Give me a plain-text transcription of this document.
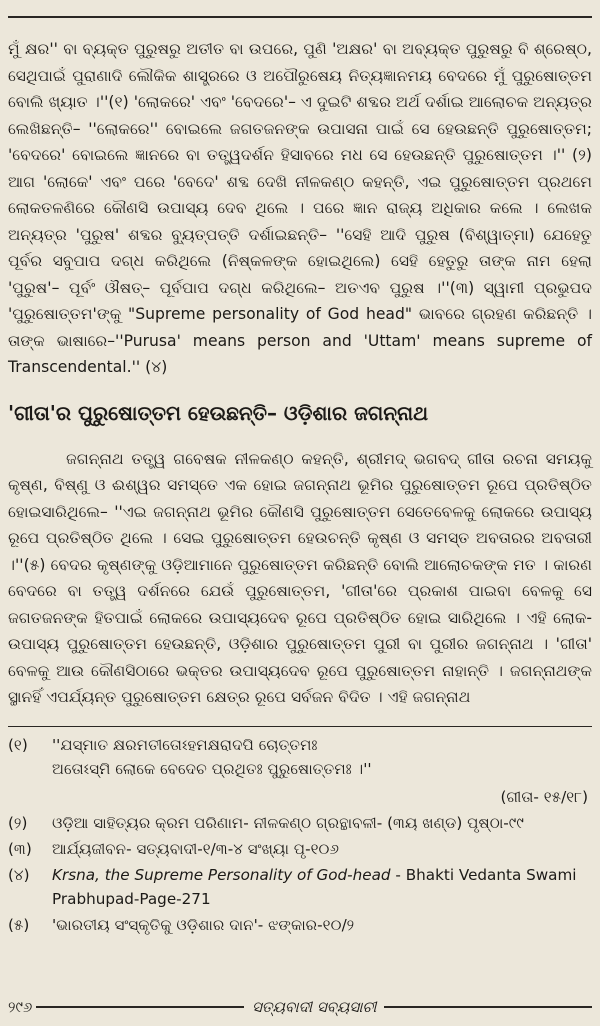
ମୁଁ କ୍ଷର'' ବା ବ୍ୟକ୍ତ ପୁରୁଷରୁ ଅତୀତ ବା ଉପରେ, ପୁଣି 'ଅକ୍ଷର' ବା ଅବ୍ୟକ୍ତ ପୁରୁଷରୁ ବି ଶ୍ରେଷ୍ଠ, ସେଥିପାଇଁ ପୁରାଣାଦି ଲୌକିକ ଶାସ୍ତ୍ରରେ ଓ ଅପୌରୁଷେୟ ନିତ୍ୟଜ୍ଞାନମୟ ବେଦରେ ମୁଁ ପୁରୁଷୋତ୍ତମ ବୋଲି ଖ୍ୟାତ ।''(୧) 'ଲୋକରେ' ଏବଂ 'ବେଦରେ'– ଏ ଦୁଇଟି ଶବ୍ଦର ଅର୍ଥ ଦର୍ଶାଇ ଆଲୋଚକ ଅନ୍ୟତ୍ର ଲେଖିଛନ୍ତି– ''ଲୋକରେ'' ବୋଇଲେ ଜଗତଜନଙ୍କ ଉପାସନା ପାଇଁ ସେ ହେଉଛନ୍ତି ପୁରୁଷୋତ୍ତମ; 'ବେଦରେ' ବୋଇଲେ ଜ୍ଞାନରେ ବା ତତ୍ତ୍ୱଦର୍ଶନ ହିସାବରେ ମଧ ସେ ହେଉଛନ୍ତି ପୁରୁଷୋତ୍ତମ ।'' (୨) ଆଗ 'ଲୋକେ' ଏବଂ ପରେ 'ବେଦେ' ଶବ୍ଦ ଦେଖି ନୀଳକଣ୍ଠ କହନ୍ତି, ଏଇ ପୁରୁଷୋତ୍ତମ ପ୍ରଥମେ ଲୋକତଳଣିରେ କୌଣସି ଉପାସ୍ୟ ଦେବ ଥିଲେ । ପରେ ଜ୍ଞାନ ରାଜ୍ୟ ଅଧିକାର କଲେ । ଲେଖକ ଅନ୍ୟତ୍ର 'ପୁରୁଷ' ଶବ୍ଦର ବ୍ୟୁତ୍ପତ୍ତି ଦର୍ଶାଇଛନ୍ତି– ''ସେହି ଆଦି ପୁରୁଷ (ବିଶ୍ୱାତ୍ମା) ଯେହେତୁ ପୂର୍ବର ସବୁପାପ ଦଗ୍ଧ କରିଥିଲେ (ନିଷ୍କଳଙ୍କ ହୋଇଥିଲେ) ସେହି ହେତୁରୁ ତାଙ୍କ ନାମ ହେଲା 'ପୁରୁଷ'– ପୂର୍ବଂ ଔଷତ୍– ପୂର୍ବପାପ ଦଗ୍ଧ କରିଥିଲେ– ଅତଏବ ପୁରୁଷ ।''(୩) ସ୍ୱାମୀ ପ୍ରଭୁପଦ 'ପୁରୁଷୋତ୍ତମ'ଙ୍କୁ "Supreme personality of God head" ଭାବରେ ଗ୍ରହଣ କରିଛନ୍ତି । ତାଙ୍କ ଭାଷାରେ–''Purusa' means person and 'Uttam' means supreme of Transcendental.'' (୪)

'ଗୀତା'ର ପୁରୁଷୋତ୍ତମ ହେଉଛନ୍ତି– ଓଡ଼ିଶାର ଜଗନ୍ନାଥ

ଜଗନ୍ନାଥ ତତ୍ତ୍ୱ ଗବେଷକ ନୀଳକଣ୍ଠ କହନ୍ତି, ଶ୍ରୀମଦ୍ ଭଗବଦ୍ ଗୀତା ରଚନା ସମୟକୁ କୃଷ୍ଣ, ବିଷ୍ଣୁ ଓ ଈଶ୍ୱର ସମସ୍ତେ ଏକ ହୋଇ ଜଗନ୍ନାଥ ଭୂମିର ପୁରୁଷୋତ୍ତମ ରୂପେ ପ୍ରତିଷ୍ଠିତ ହୋଇସାରିଥିଲେ– ''ଏଇ ଜଗନ୍ନାଥ ଭୂମିର କୌଣସି ପୁରୁଷୋତ୍ତମ ସେତେବେଳକୁ ଲୋକରେ ଉପାସ୍ୟ ରୂପେ ପ୍ରତିଷ୍ଠିତ ଥିଲେ । ସେଇ ପୁରୁଷୋତ୍ତମ ହେଉଚନ୍ତି କୃଷ୍ଣ ଓ ସମସ୍ତ ଅବତାରର ଅବତାରୀ ।''(୫) ବେଦର କୃଷ୍ଣଙ୍କୁ ଓଡ଼ିଆମାନେ ପୁରୁଷୋତ୍ତମ କରିଛନ୍ତି ବୋଲି ଆଲୋଚକଙ୍କ ମତ । କାରଣ ବେଦରେ ବା ତତ୍ତ୍ୱ ଦର୍ଶନରେ ଯେଉଁ ପୁରୁଷୋତ୍ତମ, 'ଗୀତା'ରେ ପ୍ରକାଶ ପାଇବା ବେଳକୁ ସେ ଜଗତଜନଙ୍କ ହିତପାଇଁ ଲୋକରେ ଉପାସ୍ୟଦେବ ରୂପେ ପ୍ରତିଷ୍ଠିତ ହୋଇ ସାରିଥିଲେ । ଏହି ଲୋକ-ଉପାସ୍ୟ ପୁରୁଷୋତ୍ତମ ହେଉଛନ୍ତି, ଓଡ଼ିଶାର ପୁରୁଷୋତ୍ତମ ପୁରୀ ବା ପୁରୀର ଜଗନ୍ନାଥ । 'ଗୀତା' ବେଳକୁ ଆଉ କୌଣସିଠାରେ ଭକ୍ତର ଉପାସ୍ୟଦେବ ରୂପେ ପୁରୁଷୋତ୍ତମ ନାହାନ୍ତି । ଜଗନ୍ନାଥଙ୍କ ସ୍ଥାନହିଁ ଏପର୍ଯ୍ୟନ୍ତ ପୁରୁଷୋତ୍ତମ କ୍ଷେତ୍ର ରୂପେ ସର୍ବଜନ ବିଦିତ । ଏହି ଜଗନ୍ନାଥ

(୧)	''ଯସ୍ମାତ କ୍ଷରମତୀତୋଽହମକ୍ଷରାଦପି ଚୋତ୍ତମଃ
ଅତୋଽସ୍ମି ଲୋକେ ବେଦେଚ ପ୍ରଥିତଃ ପୁରୁଷୋତ୍ତମଃ ।''
(ଗୀତା- ୧୫/୧୮)
(୨)	ଓଡ଼ିଆ ସାହିତ୍ୟର କ୍ରମ ପରିଣାମ- ନୀଳକଣ୍ଠ ଗ୍ରନ୍ଥାବଳୀ- (୩ୟ ଖଣ୍ଡ) ପୃଷ୍ଠା-୯୯
(୩)	ଆର୍ଯ୍ୟଜୀବନ- ସତ୍ୟବାଦୀ-୧/୩-୪ ସଂଖ୍ୟା ପୃ-୧୦୬
(୪)	Krsna, the Supreme Personality of God-head - Bhakti Vedanta Swami Prabhupad-Page-271
(୫)	'ଭାରତୀୟ ସଂସ୍କୃତିକୁ ଓଡ଼ିଶାର ଦାନ'- ଝଙ୍କାର-୧୦/୨
୨୯୬	ସତ୍ୟବାଦୀ ସବ୍ୟସାଚୀ
